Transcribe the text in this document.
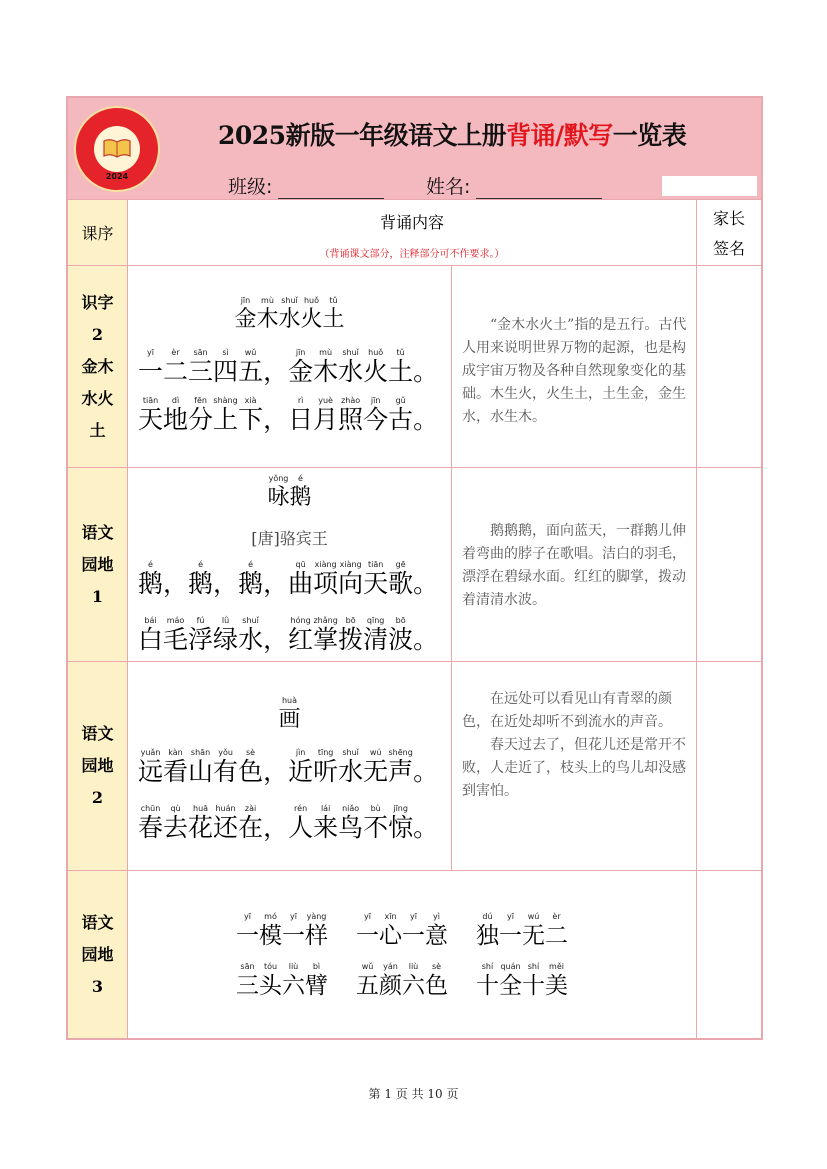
2024
2025新版一年级语文上册背诵/默写一览表
班级:	姓名:
课序
背诵内容
（背诵课文部分，注释部分可不作要求。）
家长
签名
识字
2
金木
水火
土
语文
园地
1
语文
园地
2
语文
园地
3
jīn
金
mù
木
shuǐ
水
huǒ
火
tǔ
土
yī
一
èr
二
sān
三
sì
四
wǔ
五
，
jīn
金
mù
木
shuǐ
水
huǒ
火
tǔ
土
。
tiān
天
dì
地
fēn
分
shàng
上
xià
下
，
rì
日
yuè
月
zhào
照
jīn
今
gǔ
古
。
“金木水火土”指的是五行。古代人用来说明世界万物的起源，也是构成宇宙万物及各种自然现象变化的基础。木生火，火生土，土生金，金生水，水生木。
yǒng
咏
é
鹅
[唐]骆宾王
é
鹅
，
é
鹅
，
é
鹅
，
qū
曲
xiàng
项
xiàng
向
tiān
天
gē
歌
。
bái
白
máo
毛
fú
浮
lǜ
绿
shuǐ
水
，
hóng
红
zhǎng
掌
bō
拨
qīng
清
bō
波
。
鹅鹅鹅，面向蓝天，一群鹅儿伸着弯曲的脖子在歌唱。洁白的羽毛，漂浮在碧绿水面。红红的脚掌，拨动着清清水波。
huà
画
yuǎn
远
kàn
看
shān
山
yǒu
有
sè
色
，
jìn
近
tīng
听
shuǐ
水
wú
无
shēng
声
。
chūn
春
qù
去
huā
花
huán
还
zài
在
，
rén
人
lái
来
niǎo
鸟
bù
不
jīng
惊
。
在远处可以看见山有青翠的颜色，在近处却听不到流水的声音。
春天过去了，但花儿还是常开不败，人走近了，枝头上的鸟儿却没感到害怕。
yī
一
mó
模
yī
一
yàng
样
yī
一
xīn
心
yī
一
yì
意
dú
独
yī
一
wú
无
èr
二
sān
三
tóu
头
liù
六
bì
臂
wǔ
五
yán
颜
liù
六
sè
色
shí
十
quán
全
shí
十
měi
美
第 1 页 共 10 页
